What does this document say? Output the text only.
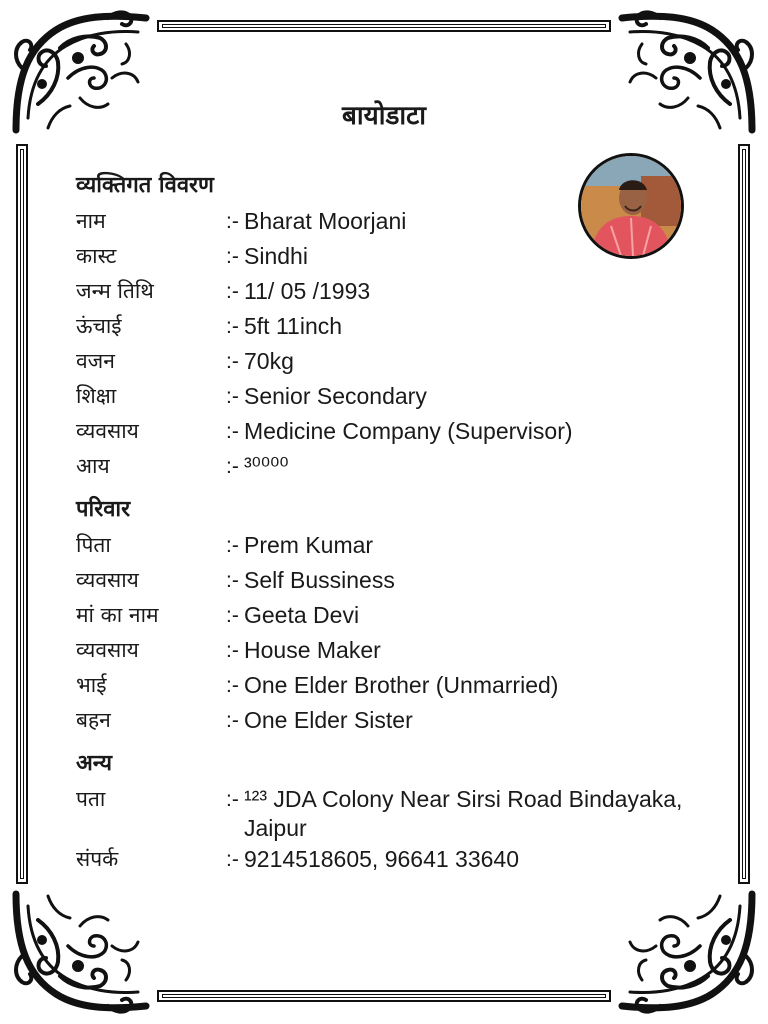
बायोडाटा
व्यक्तिगत विवरण
नाम	:- Bharat Moorjani
कास्ट	:- Sindhi
जन्म तिथि	:- 11/ 05 /1993
ऊंचाई	:- 5ft 11inch
वजन	:- 70kg
शिक्षा	:- Senior Secondary
व्यवसाय	:- Medicine Company (Supervisor)
आय	:- ³⁰⁰⁰⁰
परिवार
पिता	:- Prem Kumar
व्यवसाय	:- Self Bussiness
मां का नाम	:- Geeta Devi
व्यवसाय	:- House Maker
भाई	:- One Elder Brother (Unmarried)
बहन	:- One Elder Sister
अन्य
पता	:- ¹²³ JDA Colony Near Sirsi Road Bindayaka, Jaipur
संपर्क	:- 9214518605, 96641 33640
